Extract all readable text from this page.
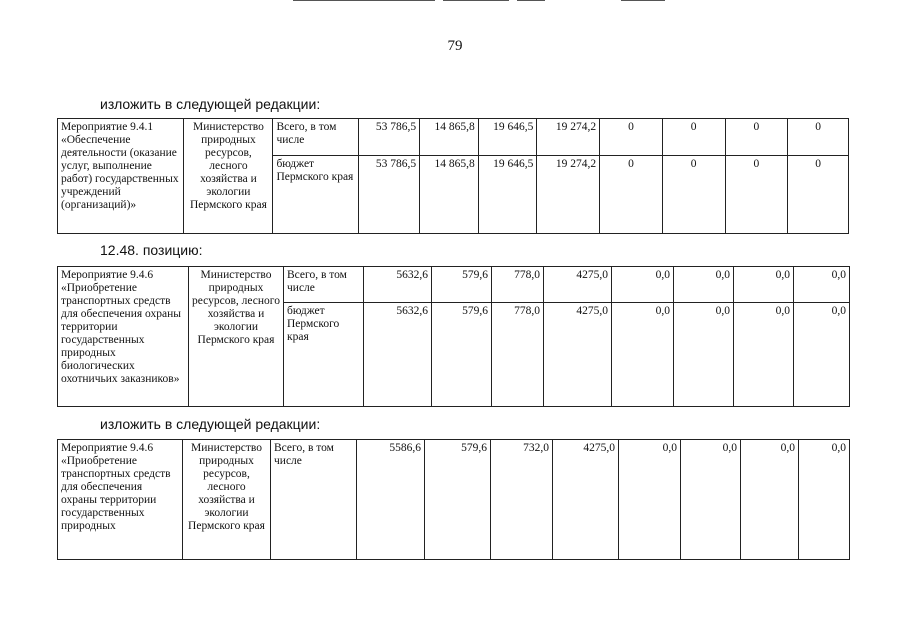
79
изложить в следующей редакции:
Мероприятие 9.4.1 «Обеспечение деятельности (оказание услуг, выполнение работ) государственных учреждений (организаций)»	Министерство природных ресурсов, лесного хозяйства и экологии Пермского края	Всего, в том числе	53 786,5	14 865,8	19 646,5	19 274,2	0	0	0	0
		бюджет Пермского края	53 786,5	14 865,8	19 646,5	19 274,2	0	0	0	0
12.48. позицию:
Мероприятие 9.4.6 «Приобретение транспортных средств для обеспечения охраны территории государственных природных биологических охотничьих заказников»	Министерство природных ресурсов, лесного хозяйства и экологии Пермского края	Всего, в том числе	5632,6	579,6	778,0	4275,0	0,0	0,0	0,0	0,0
		бюджет Пермского края	5632,6	579,6	778,0	4275,0	0,0	0,0	0,0	0,0
изложить в следующей редакции:
Мероприятие 9.4.6 «Приобретение транспортных средств для обеспечения охраны территории государственных природных	Министерство природных ресурсов, лесного хозяйства и экологии Пермского края	Всего, в том числе	5586,6	579,6	732,0	4275,0	0,0	0,0	0,0	0,0
